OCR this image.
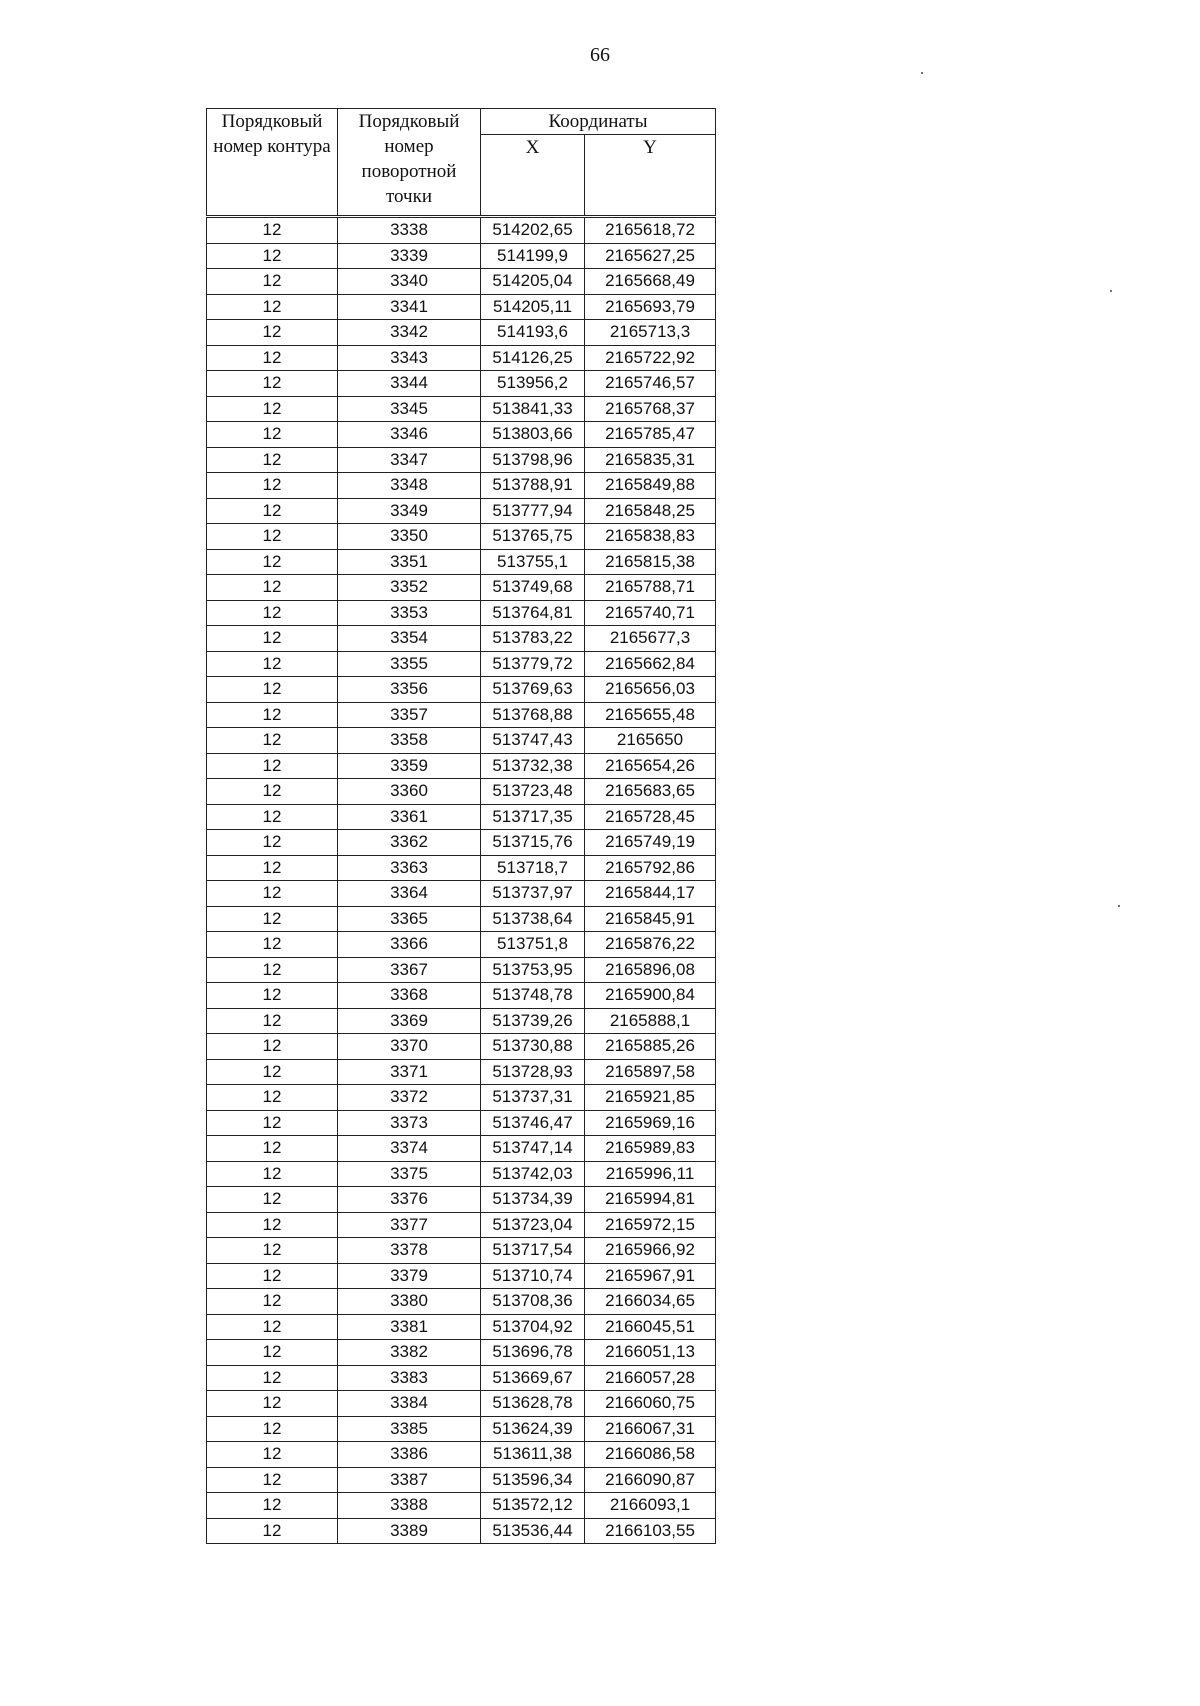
66
Порядковый номер контура	Порядковый номер поворотной точки	Координаты	
		X	Y
12	3338	514202,65	2165618,72
12	3339	514199,9	2165627,25
12	3340	514205,04	2165668,49
12	3341	514205,11	2165693,79
12	3342	514193,6	2165713,3
12	3343	514126,25	2165722,92
12	3344	513956,2	2165746,57
12	3345	513841,33	2165768,37
12	3346	513803,66	2165785,47
12	3347	513798,96	2165835,31
12	3348	513788,91	2165849,88
12	3349	513777,94	2165848,25
12	3350	513765,75	2165838,83
12	3351	513755,1	2165815,38
12	3352	513749,68	2165788,71
12	3353	513764,81	2165740,71
12	3354	513783,22	2165677,3
12	3355	513779,72	2165662,84
12	3356	513769,63	2165656,03
12	3357	513768,88	2165655,48
12	3358	513747,43	2165650
12	3359	513732,38	2165654,26
12	3360	513723,48	2165683,65
12	3361	513717,35	2165728,45
12	3362	513715,76	2165749,19
12	3363	513718,7	2165792,86
12	3364	513737,97	2165844,17
12	3365	513738,64	2165845,91
12	3366	513751,8	2165876,22
12	3367	513753,95	2165896,08
12	3368	513748,78	2165900,84
12	3369	513739,26	2165888,1
12	3370	513730,88	2165885,26
12	3371	513728,93	2165897,58
12	3372	513737,31	2165921,85
12	3373	513746,47	2165969,16
12	3374	513747,14	2165989,83
12	3375	513742,03	2165996,11
12	3376	513734,39	2165994,81
12	3377	513723,04	2165972,15
12	3378	513717,54	2165966,92
12	3379	513710,74	2165967,91
12	3380	513708,36	2166034,65
12	3381	513704,92	2166045,51
12	3382	513696,78	2166051,13
12	3383	513669,67	2166057,28
12	3384	513628,78	2166060,75
12	3385	513624,39	2166067,31
12	3386	513611,38	2166086,58
12	3387	513596,34	2166090,87
12	3388	513572,12	2166093,1
12	3389	513536,44	2166103,55
